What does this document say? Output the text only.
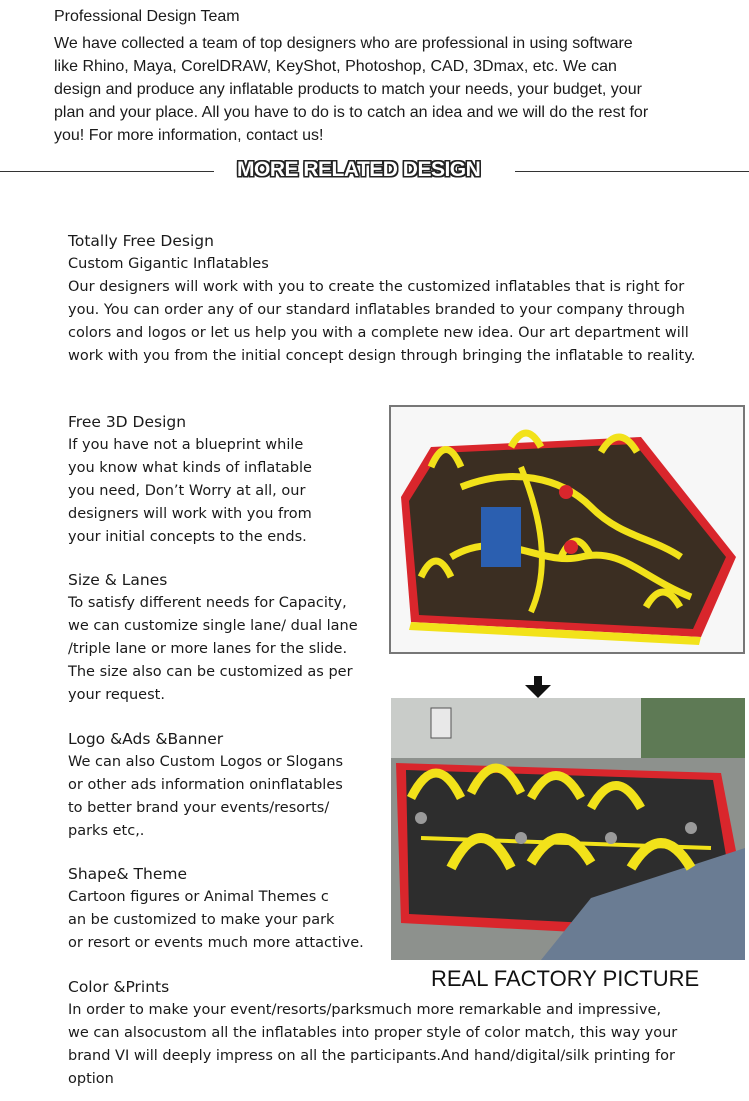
Professional Design Team
We have collected a team of top designers who are professional in using software like Rhino, Maya, CorelDRAW, KeyShot, Photoshop, CAD, 3Dmax, etc. We can design and produce any inflatable products to match your needs, your budget, your plan and your place. All you have to do is to catch an idea and we will do the rest for you! For more information, contact us!
MORE RELATED DESIGN
Totally Free Design

Custom Gigantic Inflatables

Our designers will work with you to create the customized inflatables that is right for you. You can order any of our standard inflatables branded to your company through colors and logos or let us help you with a complete new idea. Our art department will work with you from the initial concept design through bringing the inflatable to reality.

Free 3D Design

If you have not a blueprint while
you know what kinds of inflatable
you need, Don’t Worry at all, our
designers will work with you from
your initial concepts to the ends.

Size & Lanes

To satisfy different needs for Capacity,
we can customize single lane/ dual lane
/triple lane or more lanes for the slide.
The size also can be customized as per
your request.

Logo &Ads &Banner

We can also Custom Logos or Slogans
or other ads information oninflatables
to better brand your events/resorts/
parks etc,.

Shape& Theme

Cartoon figures or Animal Themes c
an be customized to make your park
or resort or events much more attactive.

Color &Prints

In order to make your event/resorts/parksmuch more remarkable and impressive,
we can alsocustom all the inflatables into proper style of color match, this way your
brand VI will deeply impress on all the participants.And hand/digital/silk printing for
option

REAL FACTORY PICTURE
